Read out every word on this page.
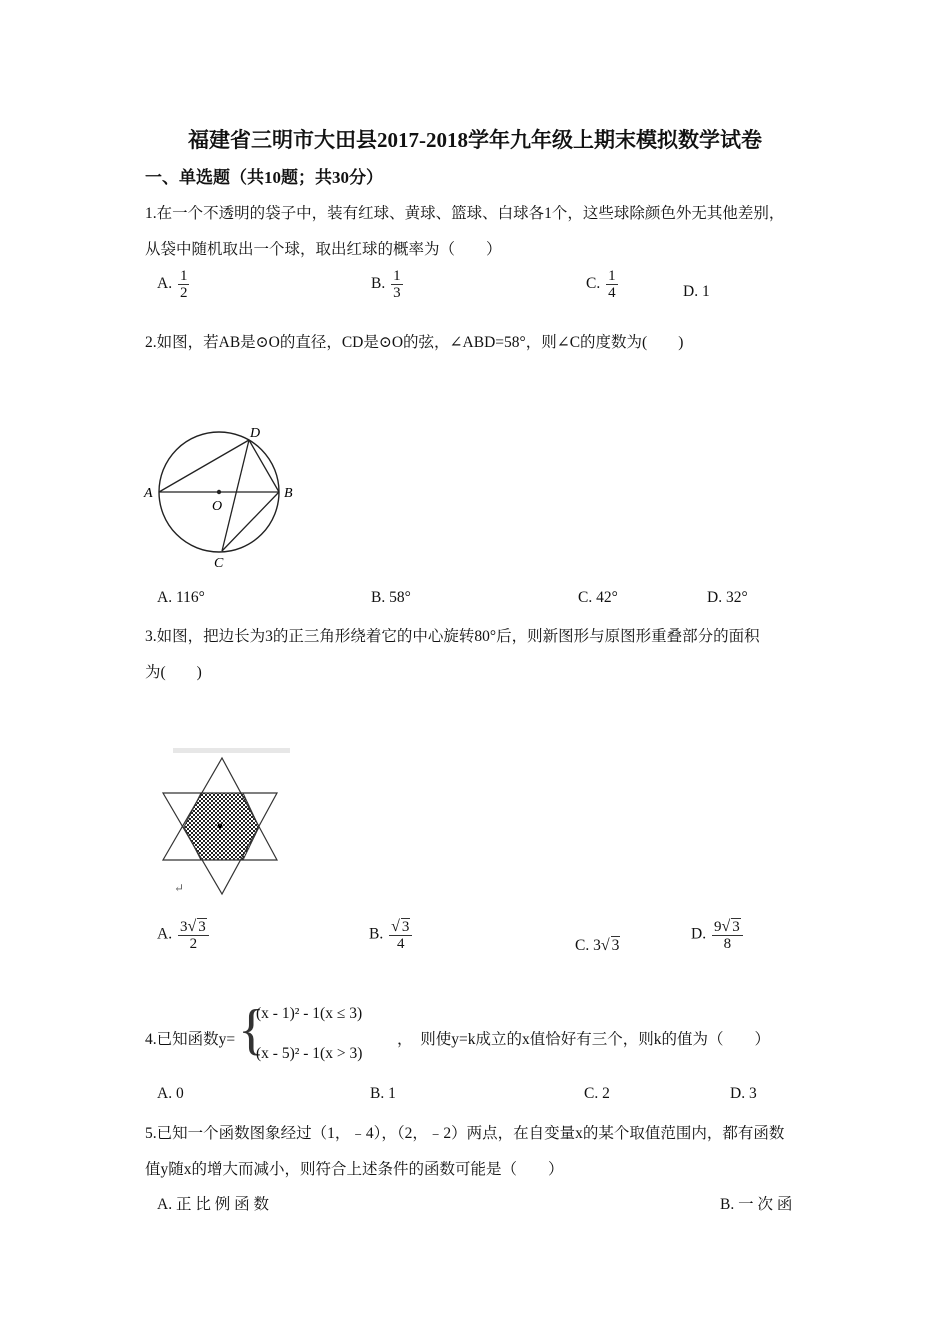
福建省三明市大田县2017-2018学年九年级上期末模拟数学试卷
一、单选题（共10题；共30分）
1.在一个不透明的袋子中，装有红球、黄球、篮球、白球各1个，这些球除颜色外无其他差别，
从袋中随机取出一个球，取出红球的概率为（　　）
A. $\frac{1}{2}$	B. $\frac{1}{3}$	C. $\frac{1}{4}$	D. 1
2.如图，若AB是⊙O的直径，CD是⊙O的弦，∠ABD=58°，则∠C的度数为(　　)
A	B
D
C
O
A. 116°	B. 58°	C. 42°	D. 32°
3.如图，把边长为3的正三角形绕着它的中心旋转80°后，则新图形与原图形重叠部分的面积
为(　　)
↵
A. $\frac{3√ 3}{2}$	B. $\frac{√ 3}{4}$	C. 3√ 3
D. $\frac{9√ 3}{8}$
4.已知函数y= {
(x - 1)² - 1(x ≤ 3)
(x - 5)² - 1(x > 3)
，　则使y=k成立的x值恰好有三个，则k的值为（　　）
A. 0	B. 1	C. 2	D. 3
5.已知一个函数图象经过（1，﹣4），（2，﹣2）两点，在自变量x的某个取值范围内，都有函数
值y随x的增大而减小，则符合上述条件的函数可能是（　　）
A. 正 比 例 函 数	B. 一 次 函
